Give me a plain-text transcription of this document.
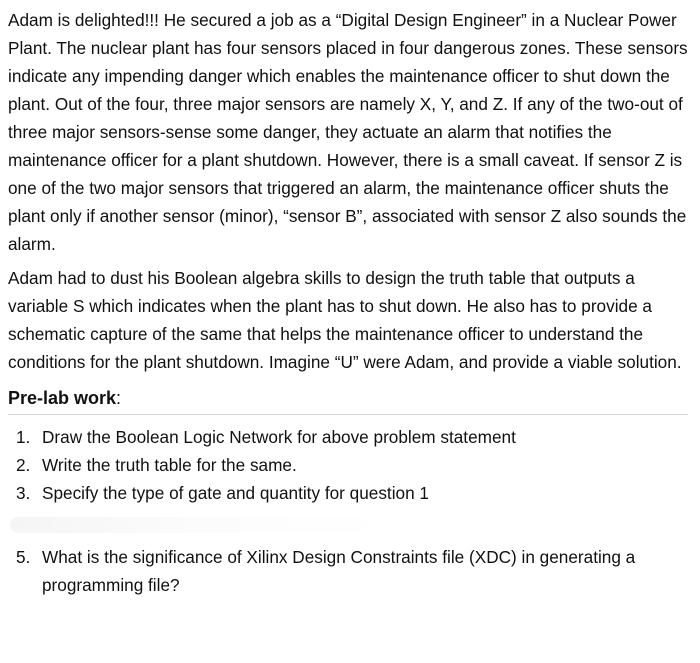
Adam is delighted!!! He secured a job as a “Digital Design Engineer” in a Nuclear Power Plant. The nuclear plant has four sensors placed in four dangerous zones. These sensors indicate any impending danger which enables the maintenance officer to shut down the plant. Out of the four, three major sensors are namely X, Y, and Z. If any of the two-out of three major sensors-sense some danger, they actuate an alarm that notifies the maintenance officer for a plant shutdown. However, there is a small caveat. If sensor Z is one of the two major sensors that triggered an alarm, the maintenance officer shuts the plant only if another sensor (minor), “sensor B”, associated with sensor Z also sounds the alarm.

Adam had to dust his Boolean algebra skills to design the truth table that outputs a variable S which indicates when the plant has to shut down. He also has to provide a schematic capture of the same that helps the maintenance officer to understand the conditions for the plant shutdown. Imagine “U” were Adam, and provide a viable solution.

Pre-lab work:
1. Draw the Boolean Logic Network for above problem statement
2. Write the truth table for the same.
3. Specify the type of gate and quantity for question 1
5. What is the significance of Xilinx Design Constraints file (XDC) in generating a programming file?
